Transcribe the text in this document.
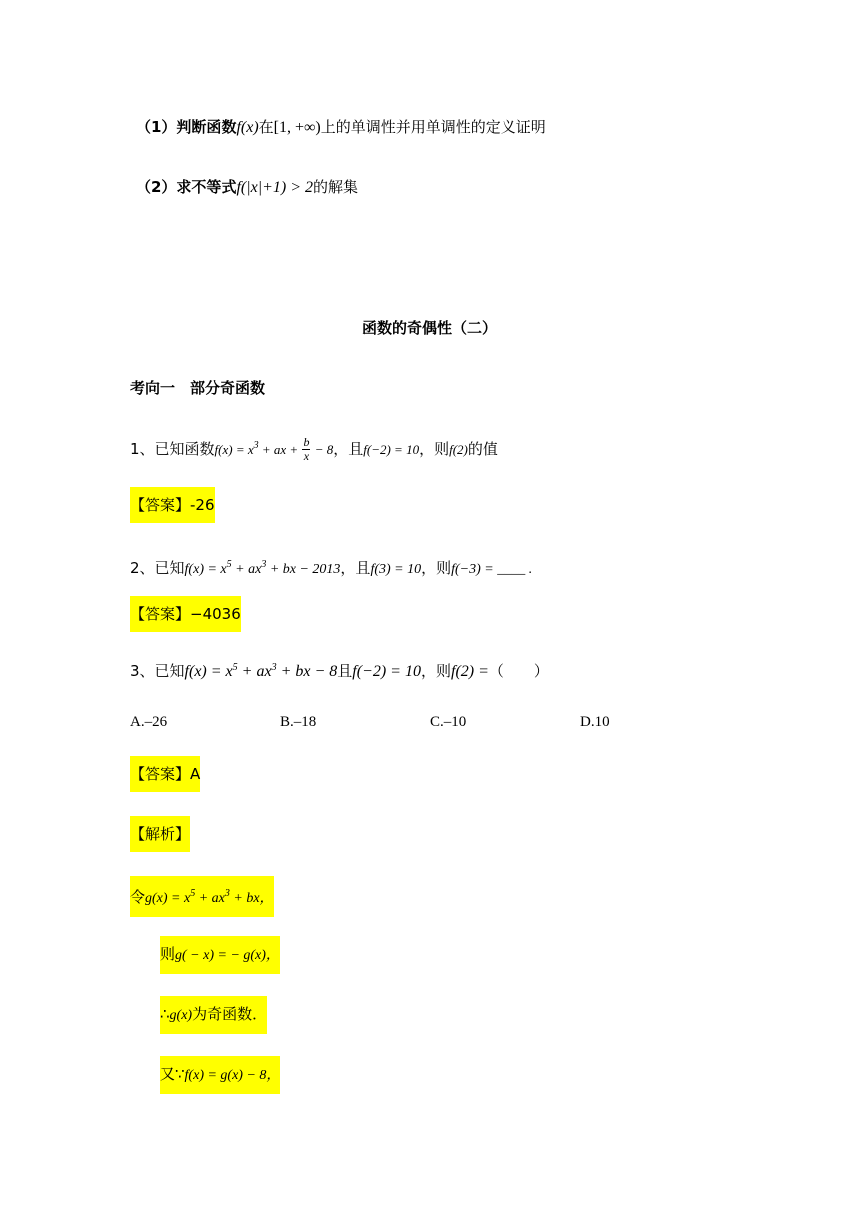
（1）判断函数f(x)在[1, +∞)上的单调性并用单调性的定义证明
（2）求不等式f(|x|+1) > 2的解集
函数的奇偶性（二）
考向一　部分奇函数
1、已知函数$f(x) = x^3$ + ax + $\frac{b}{x} - 8$，且f(−2) = 10，则f(2)的值
【答案】-26
2、已知$f(x) = x^5 + ax^3$ + bx − 2013，且f(3) = 10，则f(−3) = ____ .
【答案】−4036
3、已知$f(x) = x^5 + ax^3$ + bx − 8且f(−2) = 10，则f(2) =（　　）
A.–26	B.–18	C.–10	D.10
【答案】A
【解析】
令$g(x) = x^5 + ax^3$ + bx，
则g( − x) = − g(x)，
∴g(x)为奇函数．
又∵f(x) = g(x) − 8，
